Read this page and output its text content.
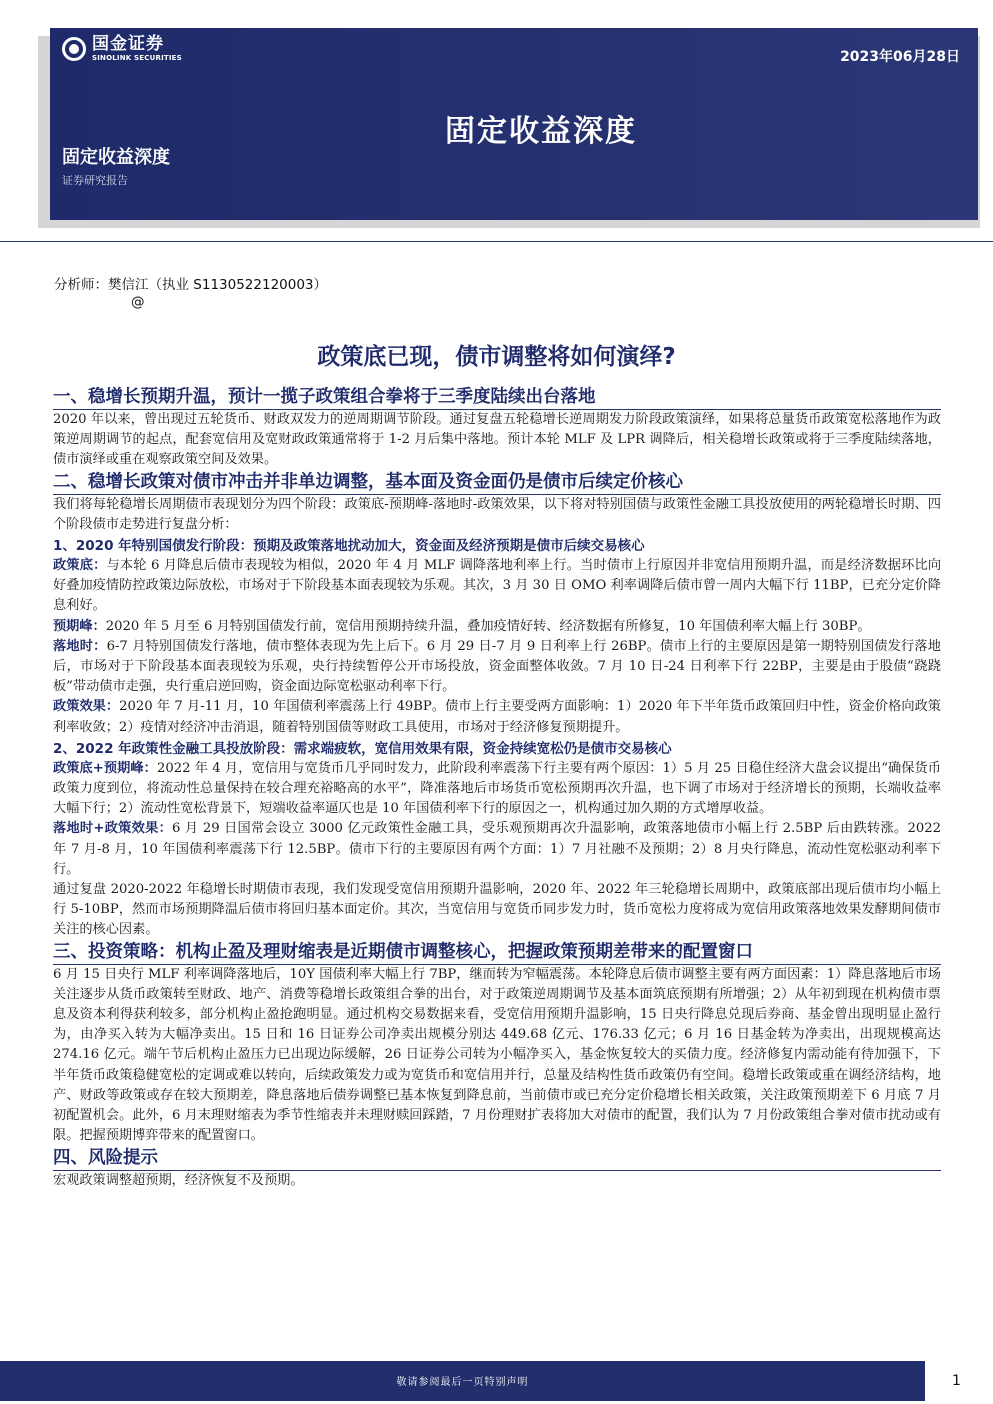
国金证券
SINOLINK SECURITIES	2023年06月28日
固定收益深度
固定收益深度
证券研究报告
分析师：樊信江（执业 S1130522120003）
@
政策底已现，债市调整将如何演绎?
一、稳增长预期升温，预计一揽子政策组合拳将于三季度陆续出台落地

2020 年以来，曾出现过五轮货币、财政双发力的逆周期调节阶段。通过复盘五轮稳增长逆周期发力阶段政策演绎，如果将总量货币政策宽松落地作为政策逆周期调节的起点，配套宽信用及宽财政政策通常将于 1-2 月后集中落地。预计本轮 MLF 及 LPR 调降后，相关稳增长政策或将于三季度陆续落地，债市演绎或重在观察政策空间及效果。

二、稳增长政策对债市冲击并非单边调整，基本面及资金面仍是债市后续定价核心

我们将每轮稳增长周期债市表现划分为四个阶段：政策底-预期峰-落地时-政策效果，以下将对特别国债与政策性金融工具投放使用的两轮稳增长时期、四个阶段债市走势进行复盘分析：

1、2020 年特别国债发行阶段：预期及政策落地扰动加大，资金面及经济预期是债市后续交易核心

政策底：与本轮 6 月降息后债市表现较为相似，2020 年 4 月 MLF 调降落地利率上行。当时债市上行原因并非宽信用预期升温，而是经济数据环比向好叠加疫情防控政策边际放松，市场对于下阶段基本面表现较为乐观。其次，3 月 30 日 OMO 利率调降后债市曾一周内大幅下行 11BP，已充分定价降息利好。

预期峰：2020 年 5 月至 6 月特别国债发行前，宽信用预期持续升温，叠加疫情好转、经济数据有所修复，10 年国债利率大幅上行 30BP。

落地时：6-7 月特别国债发行落地，债市整体表现为先上后下。6 月 29 日-7 月 9 日利率上行 26BP。债市上行的主要原因是第一期特别国债发行落地后，市场对于下阶段基本面表现较为乐观，央行持续暂停公开市场投放，资金面整体收敛。7 月 10 日-24 日利率下行 22BP，主要是由于股债“跷跷板”带动债市走强，央行重启逆回购，资金面边际宽松驱动利率下行。

政策效果：2020 年 7 月-11 月，10 年国债利率震荡上行 49BP。债市上行主要受两方面影响：1）2020 年下半年货币政策回归中性，资金价格向政策利率收敛；2）疫情对经济冲击消退，随着特别国债等财政工具使用，市场对于经济修复预期提升。

2、2022 年政策性金融工具投放阶段：需求端疲软，宽信用效果有限，资金持续宽松仍是债市交易核心

政策底+预期峰：2022 年 4 月，宽信用与宽货币几乎同时发力，此阶段利率震荡下行主要有两个原因：1）5 月 25 日稳住经济大盘会议提出“确保货币政策力度到位，将流动性总量保持在较合理充裕略高的水平”，降准落地后市场货币宽松预期再次升温，也下调了市场对于经济增长的预期，长端收益率大幅下行；2）流动性宽松背景下，短端收益率逼仄也是 10 年国债利率下行的原因之一，机构通过加久期的方式增厚收益。

落地时+政策效果：6 月 29 日国常会设立 3000 亿元政策性金融工具，受乐观预期再次升温影响，政策落地债市小幅上行 2.5BP 后由跌转涨。2022 年 7 月-8 月，10 年国债利率震荡下行 12.5BP。债市下行的主要原因有两个方面：1）7 月社融不及预期；2）8 月央行降息，流动性宽松驱动利率下行。

通过复盘 2020-2022 年稳增长时期债市表现，我们发现受宽信用预期升温影响，2020 年、2022 年三轮稳增长周期中，政策底部出现后债市均小幅上行 5-10BP，然而市场预期降温后债市将回归基本面定价。其次，当宽信用与宽货币同步发力时，货币宽松力度将成为宽信用政策落地效果发酵期间债市关注的核心因素。

三、投资策略：机构止盈及理财缩表是近期债市调整核心，把握政策预期差带来的配置窗口

6 月 15 日央行 MLF 利率调降落地后，10Y 国债利率大幅上行 7BP，继而转为窄幅震荡。本轮降息后债市调整主要有两方面因素：1）降息落地后市场关注逐步从货币政策转至财政、地产、消费等稳增长政策组合拳的出台，对于政策逆周期调节及基本面筑底预期有所增强；2）从年初到现在机构债市票息及资本利得获利较多，部分机构止盈抢跑明显。通过机构交易数据来看，受宽信用预期升温影响，15 日央行降息兑现后券商、基金曾出现明显止盈行为，由净买入转为大幅净卖出。15 日和 16 日证券公司净卖出规模分别达 449.68 亿元、176.33 亿元；6 月 16 日基金转为净卖出，出现规模高达 274.16 亿元。端午节后机构止盈压力已出现边际缓解，26 日证券公司转为小幅净买入，基金恢复较大的买债力度。经济修复内需动能有待加强下，下半年货币政策稳健宽松的定调或难以转向，后续政策发力或为宽货币和宽信用并行，总量及结构性货币政策仍有空间。稳增长政策或重在调经济结构，地产、财政等政策或存在较大预期差，降息落地后债券调整已基本恢复到降息前，当前债市或已充分定价稳增长相关政策，关注政策预期差下 6 月底 7 月初配置机会。此外，6 月末理财缩表为季节性缩表并未理财赎回踩踏，7 月份理财扩表将加大对债市的配置，我们认为 7 月份政策组合拳对债市扰动或有限。把握预期博弈带来的配置窗口。

四、风险提示

宏观政策调整超预期，经济恢复不及预期。

敬请参阅最后一页特别声明	1
